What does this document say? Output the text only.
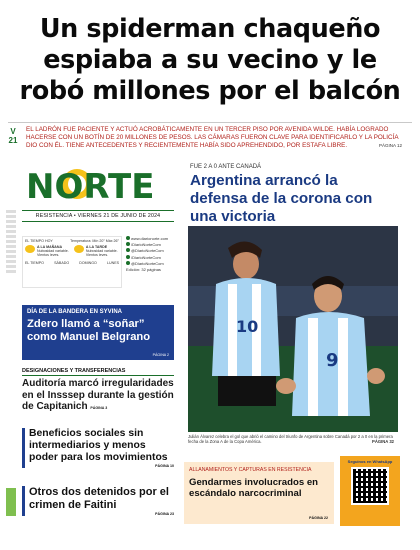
Un spiderman chaqueño espiaba a su vecino y le robó millones por el balcón
V 21
EL LADRÓN FUE PACIENTE Y ACTUÓ ACROBÁTICAMENTE EN UN TERCER PISO POR AVENIDA WILDE. HABÍA LOGRADO HACERSE CON UN BOTÍN DE 20 MILLONES DE PESOS. LAS CÁMARAS FUERON CLAVE PARA IDENTIFICARLO Y LA POLICÍA DIO CON ÉL. TIENE ANTECEDENTES Y RECIENTEMENTE HABÍA SIDO APREHENDIDO, POR ESTAFA LIBRE.	PÁGINA 12
NORTE
RESISTENCIA • VIERNES 21 DE JUNIO DE 2024
EL TIEMPO HOY	Temperatura: Mín 20° Máx 26°
A LA MAÑANA
Nubosidad variable. Vientos leves.
A LA TARDE
Nubosidad variable. Vientos leves.
EL TIEMPO	SÁBADO	DOMINGO	LUNES
www.diarionorte.com
/DiarioNorteCom
@DiarioNorteCom
/DiarioNorteCom
@DiarioNorteCom
Edición: 32 páginas
DÍA DE LA BANDERA EN SYVINA
Zdero llamó a “soñar” como Manuel Belgrano
PÁGINA 2
DESIGNACIONES Y TRANSFERENCIAS
Auditoría marcó irregularidades en el Insssep durante la gestión de Capitanich PÁGINA 3
Beneficios sociales sin intermediarios y menos poder para los movimientos
PÁGINA 10
Otros dos detenidos por el crimen de Faitini
PÁGINA 23
FUE 2 A 0 ANTE CANADÁ
Argentina arrancó la defensa de la corona con una victoria
10
9
Julián Álvarez celebra el gol que abrió el camino del triunfo de Argentina sobre Canadá por 2 a 0 en la primera fecha de la Zona A de la Copa América.	PÁGINA 32
ALLANAMIENTOS Y CAPTURAS EN RESISTENCIA
Gendarmes involucrados en escándalo narcocriminal
PÁGINA 22
Seguinos en WhatsApp
